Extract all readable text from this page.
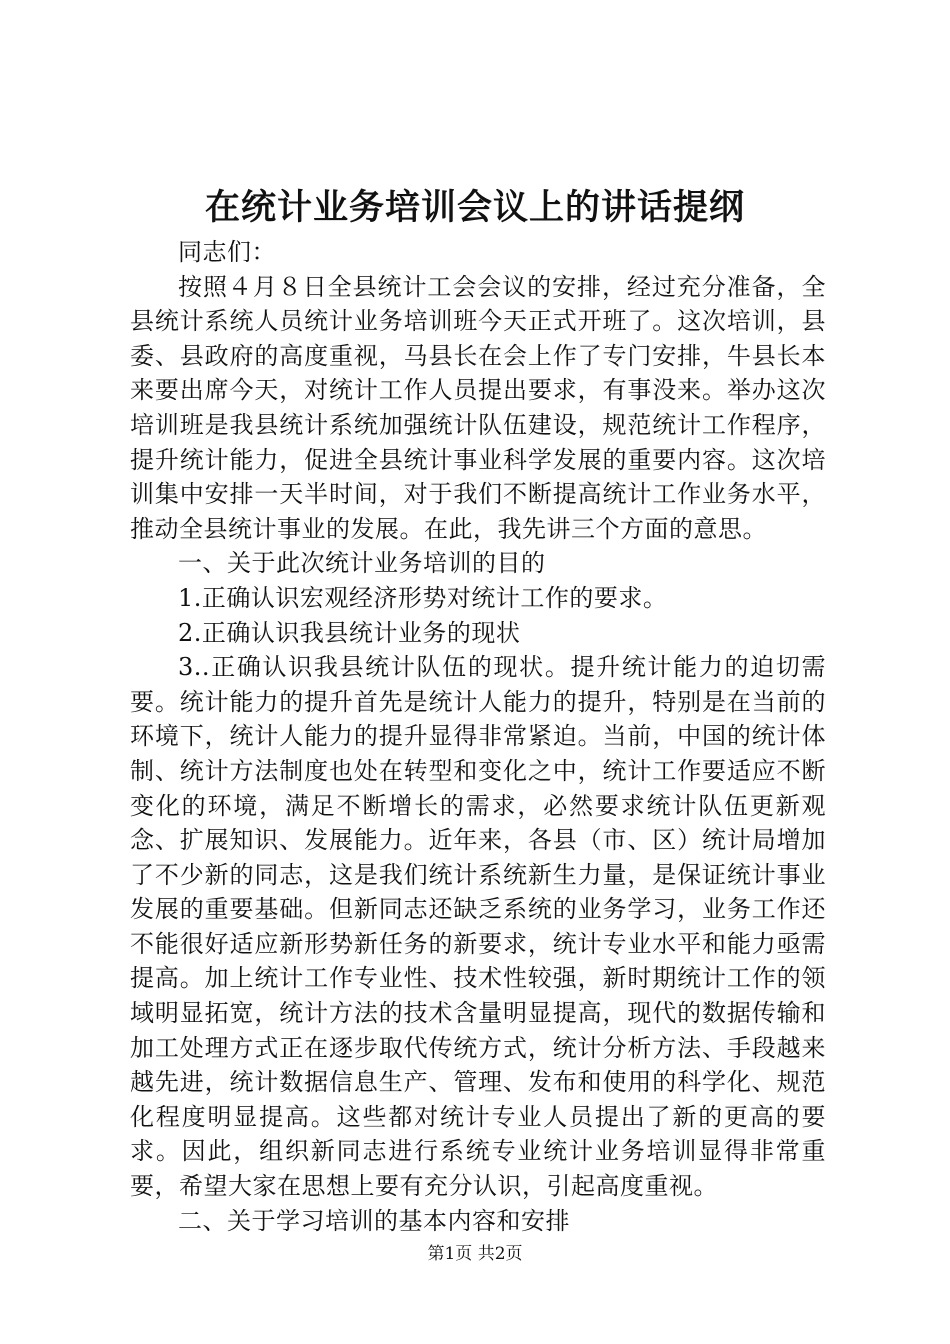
在统计业务培训会议上的讲话提纲

同志们：

按照４月８日全县统计工会会议的安排，经过充分准备，全县统计系统人员统计业务培训班今天正式开班了。这次培训，县委、县政府的高度重视，马县长在会上作了专门安排，牛县长本来要出席今天，对统计工作人员提出要求，有事没来。举办这次培训班是我县统计系统加强统计队伍建设，规范统计工作程序，提升统计能力，促进全县统计事业科学发展的重要内容。这次培训集中安排一天半时间，对于我们不断提高统计工作业务水平，推动全县统计事业的发展。在此，我先讲三个方面的意思。

一、关于此次统计业务培训的目的

1.正确认识宏观经济形势对统计工作的要求。

2.正确认识我县统计业务的现状

3..正确认识我县统计队伍的现状。提升统计能力的迫切需要。统计能力的提升首先是统计人能力的提升，特别是在当前的环境下，统计人能力的提升显得非常紧迫。当前，中国的统计体制、统计方法制度也处在转型和变化之中，统计工作要适应不断变化的环境，满足不断增长的需求，必然要求统计队伍更新观念、扩展知识、发展能力。近年来，各县（市、区）统计局增加了不少新的同志，这是我们统计系统新生力量，是保证统计事业发展的重要基础。但新同志还缺乏系统的业务学习，业务工作还不能很好适应新形势新任务的新要求，统计专业水平和能力亟需提高。加上统计工作专业性、技术性较强，新时期统计工作的领域明显拓宽，统计方法的技术含量明显提高，现代的数据传输和加工处理方式正在逐步取代传统方式，统计分析方法、手段越来越先进，统计数据信息生产、管理、发布和使用的科学化、规范化程度明显提高。这些都对统计专业人员提出了新的更高的要求。因此，组织新同志进行系统专业统计业务培训显得非常重要，希望大家在思想上要有充分认识，引起高度重视。

二、关于学习培训的基本内容和安排

第1页 共2页
